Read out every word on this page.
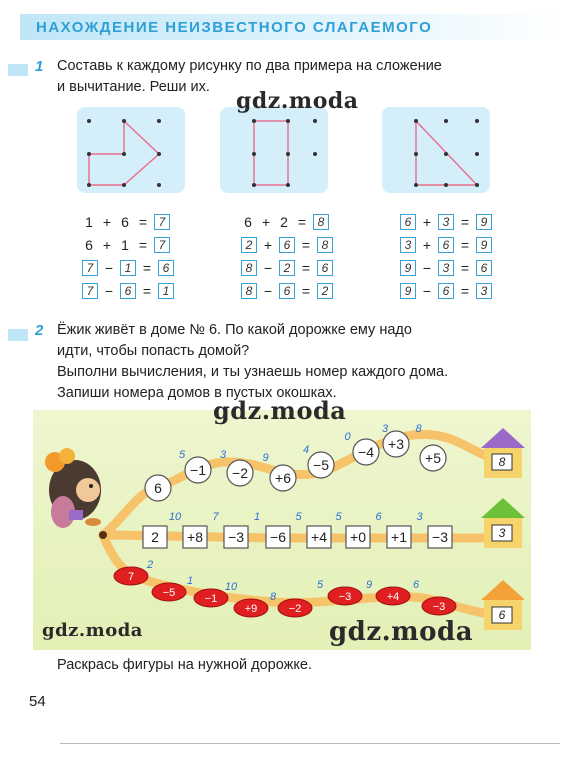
НАХОЖДЕНИЕ НЕИЗВЕСТНОГО СЛАГАЕМОГО
1 Составь к каждому рисунку по два примера на сложение
и вычитание. Реши их.
1 + 6 = 7
6 + 1 = 7
7 − 1 = 6
7 − 6 = 1
6 + 2 = 8
2 + 6 = 8
8 − 2 = 6
8 − 6 = 2
6 + 3 = 9
3 + 6 = 9
9 − 3 = 6
9 − 6 = 3
gdz.moda
2 Ёжик живёт в доме № 6. По какой дорожке ему надо
идти, чтобы попасть домой?
Выполни вычисления, и ты узнаешь номер каждого дома.
Запиши номера домов в пустых окошках.
6
−1 −2 +6
−5
−4 +3
+5
5	3	9
4
0
3 8
2 +8 −3 −6 +4 +0 +1 −3
10	7	1	5	5	6	3
7
−5	−1
+9	−2
−3	+4
−3
2
1	10
8
5	9	6
8
3
6
gdz.moda
gdz.moda	gdz.moda
Раскрась фигуры на нужной дорожке.
54
